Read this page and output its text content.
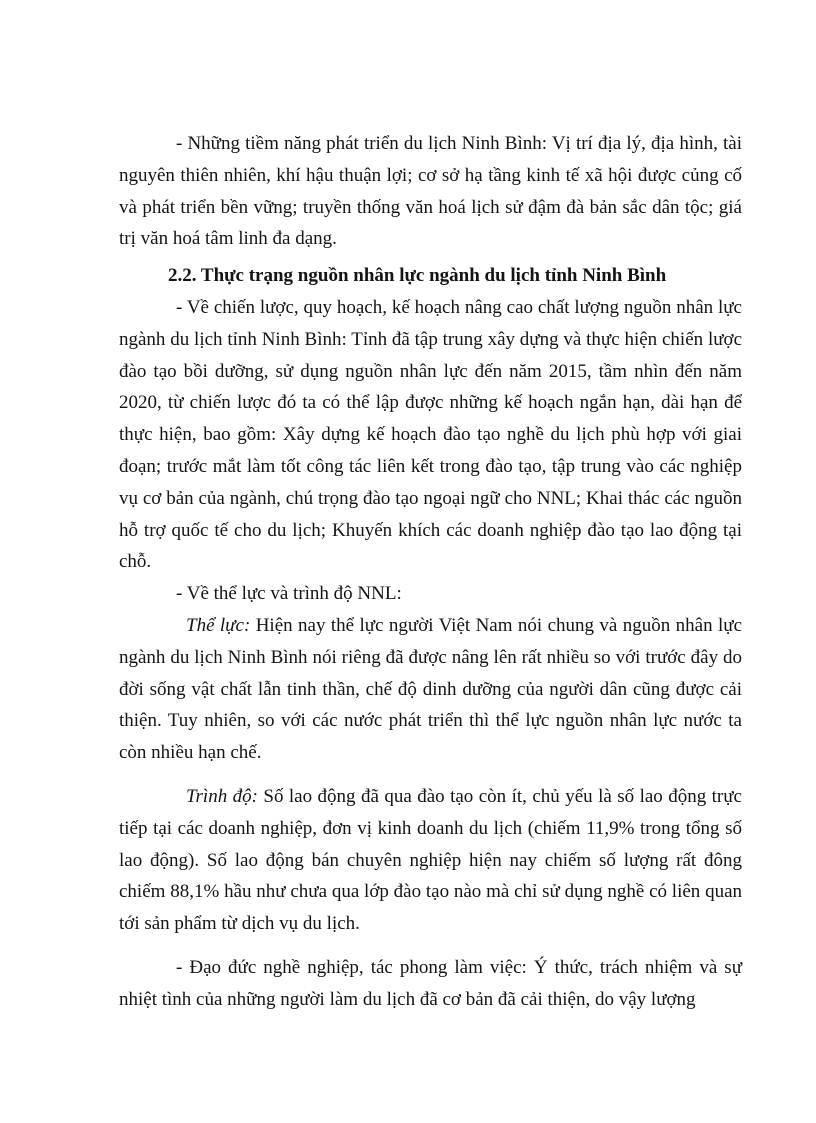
- Những tiềm năng phát triển du lịch Ninh Bình: Vị trí địa lý, địa hình, tài nguyên thiên nhiên, khí hậu thuận lợi; cơ sở hạ tầng kinh tế xã hội được củng cố và phát triển bền vững; truyền thống văn hoá lịch sử đậm đà bản sắc dân tộc; giá trị văn hoá tâm linh đa dạng.

2.2. Thực trạng nguồn nhân lực ngành du lịch tỉnh Ninh Bình

- Về chiến lược, quy hoạch, kế hoạch nâng cao chất lượng nguồn nhân lực ngành du lịch tỉnh Ninh Bình: Tỉnh đã tập trung xây dựng và thực hiện chiến lược đào tạo bồi dưỡng, sử dụng nguồn nhân lực đến năm 2015, tầm nhìn đến năm 2020, từ chiến lược đó ta có thể lập được những kế hoạch ngắn hạn, dài hạn để thực hiện, bao gồm: Xây dựng kế hoạch đào tạo nghề du lịch phù hợp với giai đoạn; trước mắt làm tốt công tác liên kết trong đào tạo, tập trung vào các nghiệp vụ cơ bản của ngành, chú trọng đào tạo ngoại ngữ cho NNL; Khai thác các nguồn hỗ trợ quốc tế cho du lịch; Khuyến khích các doanh nghiệp đào tạo lao động tại chỗ.

- Về thể lực và trình độ NNL:

Thể lực: Hiện nay thể lực người Việt Nam nói chung và nguồn nhân lực ngành du lịch Ninh Bình nói riêng đã được nâng lên rất nhiều so với trước đây do đời sống vật chất lẫn tinh thần, chế độ dinh dưỡng của người dân cũng được cải thiện. Tuy nhiên, so với các nước phát triển thì thể lực nguồn nhân lực nước ta còn nhiều hạn chế.

Trình độ: Số lao động đã qua đào tạo còn ít, chủ yếu là số lao động trực tiếp tại các doanh nghiệp, đơn vị kinh doanh du lịch (chiếm 11,9% trong tổng số lao động). Số lao động bán chuyên nghiệp hiện nay chiếm số lượng rất đông chiếm 88,1% hầu như chưa qua lớp đào tạo nào mà chỉ sử dụng nghề có liên quan tới sản phẩm từ dịch vụ du lịch.

- Đạo đức nghề nghiệp, tác phong làm việc: Ý thức, trách nhiệm và sự nhiệt tình của những người làm du lịch đã cơ bản đã cải thiện, do vậy lượng
